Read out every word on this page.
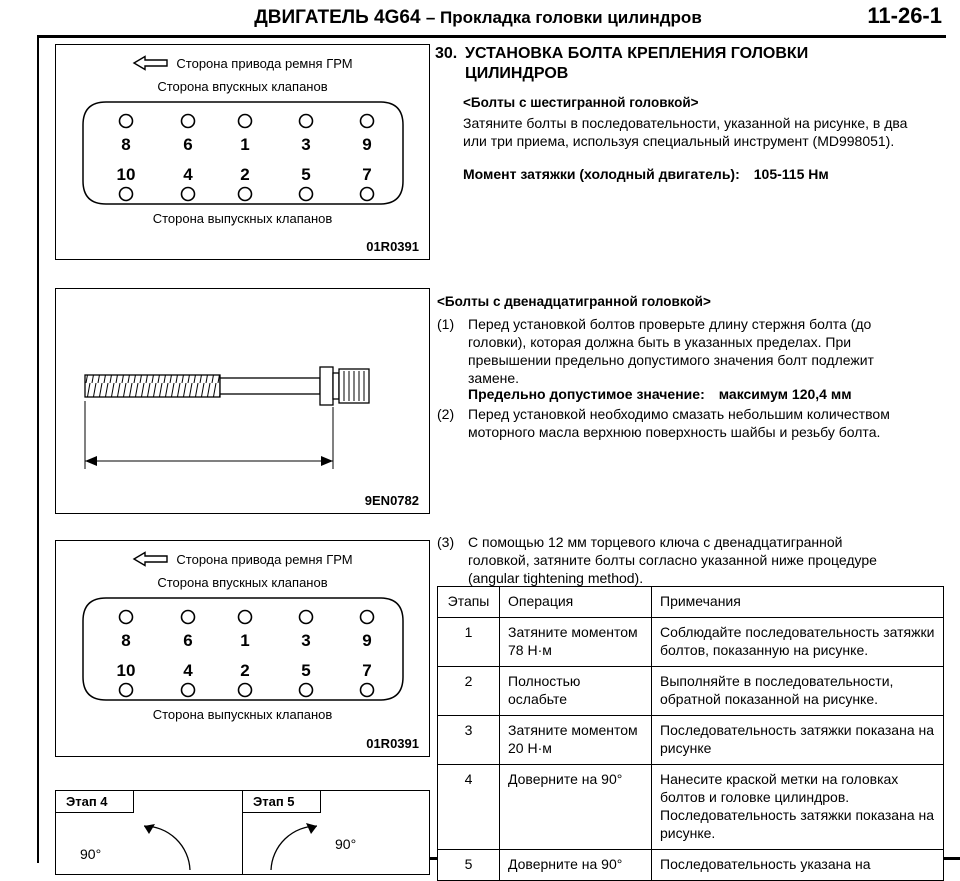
ДВИГАТЕЛЬ 4G64 – Прокладка головки цилиндров	11-26-1
Сторона привода ремня ГРМ
Сторона впускных клапанов
8	6	1	3	9
10	4	2	5	7
Сторона выпускных клапанов
01R0391
9EN0782
Сторона привода ремня ГРМ
Сторона впускных клапанов
8	6	1	3	9
10	4	2	5	7
Сторона выпускных клапанов
01R0391
Этап 4
90°
Этап 5
90°
30. УСТАНОВКА БОЛТА КРЕПЛЕНИЯ ГОЛОВКИ ЦИЛИНДРОВ
<Болты с шестигранной головкой>
Затяните болты в последовательности, указанной на рисунке, в два или три приема, используя специальный инструмент (MD998051).
Момент затяжки (холодный двигатель): 105-115 Нм
<Болты с двенадцатигранной головкой>
(1) Перед установкой болтов проверьте длину стержня болта (до головки), которая должна быть в указанных пределах. При превышении предельно допустимого значения болт подлежит замене.
Предельно допустимое значение: максимум 120,4 мм
(2) Перед установкой необходимо смазать небольшим количеством моторного масла верхнюю поверхность шайбы и резьбу болта.
(3) С помощью 12 мм торцевого ключа с двенадцатигранной головкой, затяните болты согласно указанной ниже процедуре (angular tightening method).
Этапы	Операция	Примечания
1	Затяните моментом 78 Н·м	Соблюдайте последовательность затяжки болтов, показанную на рисунке.
2	Полностью ослабьте	Выполняйте в последовательности, обратной показанной на рисунке.
3	Затяните моментом 20 Н·м	Последовательность затяжки показана на рисунке
4	Доверните на 90°	Нанесите краской метки на головках болтов и головке цилиндров. Последовательность затяжки показана на рисунке.
5	Доверните на 90°	Последовательность указана на
